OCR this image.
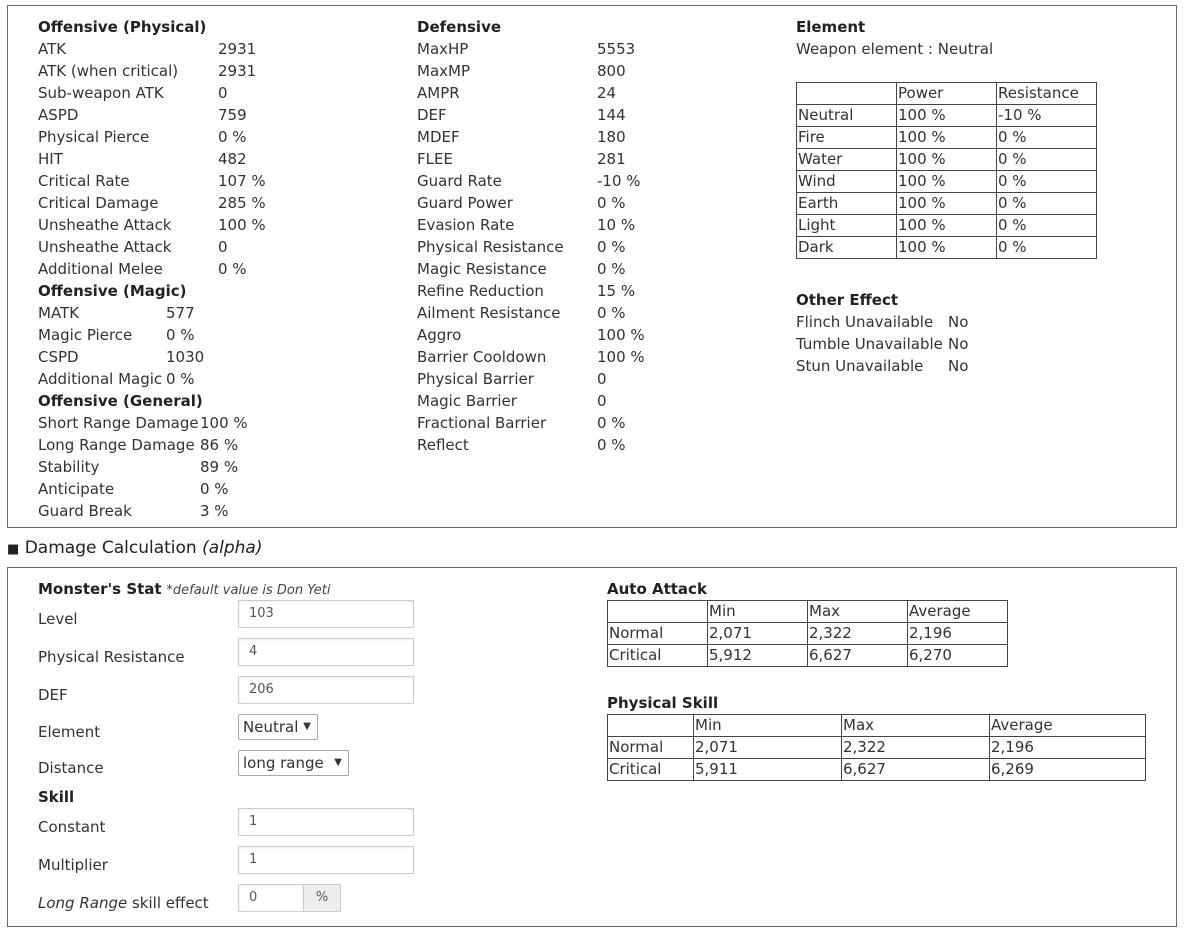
Offensive (Physical)
ATK	2931
ATK (when critical)	2931
Sub-weapon ATK	0
ASPD	759
Physical Pierce	0 %
HIT	482
Critical Rate	107 %
Critical Damage	285 %
Unsheathe Attack	100 %
Unsheathe Attack	0
Additional Melee	0 %
Offensive (Magic)
MATK	577
Magic Pierce 0 %
CSPD	1030
Additional Magic 0 %
Offensive (General)
Short Range Damage 100 %
Long Range Damage 86 %
Stability	89 %
Anticipate	0 %
Guard Break	3 %
Defensive
MaxHP	5553
MaxMP	800
AMPR	24
DEF	144
MDEF	180
FLEE	281
Guard Rate	-10 %
Guard Power	0 %
Evasion Rate	10 %
Physical Resistance 0 %
Magic Resistance	0 %
Refine Reduction	15 %
Ailment Resistance 0 %
Aggro	100 %
Barrier Cooldown	100 %
Physical Barrier	0
Magic Barrier	0
Fractional Barrier	0 %
Reflect	0 %
Element
Weapon element : Neutral
	Power	Resistance
Neutral	100 %	-10 %
Fire	100 %	0 %
Water	100 %	0 %
Wind	100 %	0 %
Earth	100 %	0 %
Light	100 %	0 %
Dark	100 %	0 %
Other Effect
Flinch Unavailable No
Tumble Unavailable No
Stun Unavailable No
■ Damage Calculation (alpha)
Monster's Stat *default value is Don Yeti
Level	103
Physical Resistance	4
DEF	206
Element	Neutral ▼
Distance	long range ▼
Skill
Constant	1
Multiplier	1
Long Range skill effect	0	%
Auto Attack
	Min	Max	Average
Normal	2,071	2,322	2,196
Critical	5,912	6,627	6,270
Physical Skill
	Min	Max	Average
Normal	2,071	2,322	2,196
Critical	5,911	6,627	6,269
